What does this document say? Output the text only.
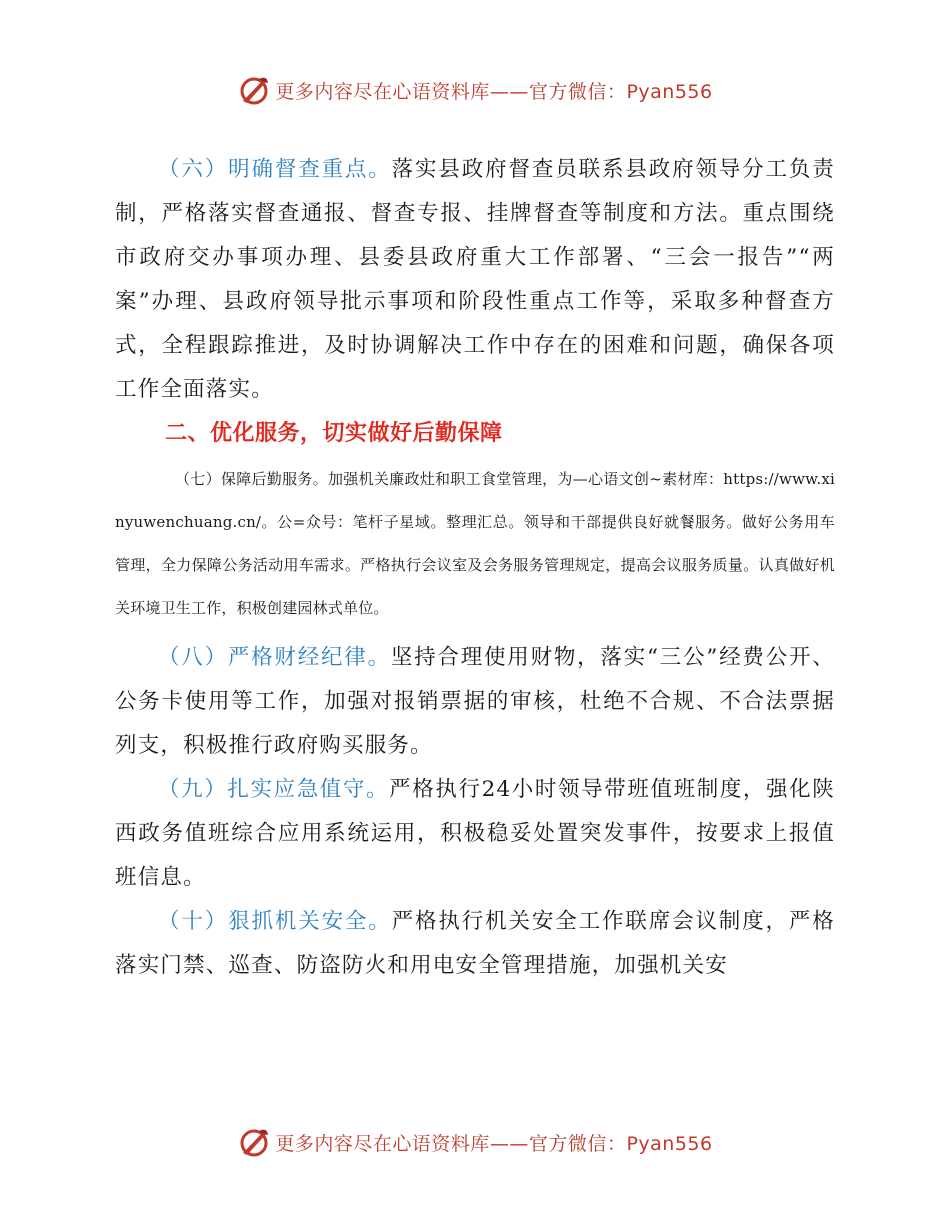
更多内容尽在心语资料库——官方微信：Pyan556

（六）明确督查重点。落实县政府督查员联系县政府领导分工负责制，严格落实督查通报、督查专报、挂牌督查等制度和方法。重点围绕市政府交办事项办理、县委县政府重大工作部署、“三会一报告”“两案”办理、县政府领导批示事项和阶段性重点工作等，采取多种督查方式，全程跟踪推进，及时协调解决工作中存在的困难和问题，确保各项工作全面落实。

二、优化服务，切实做好后勤保障

（七）保障后勤服务。加强机关廉政灶和职工食堂管理，为—心语文创~素材库：https://www.xinyuwenchuang.cn/。公=众号：笔杆子星域。整理汇总。领导和干部提供良好就餐服务。做好公务用车管理，全力保障公务活动用车需求。严格执行会议室及会务服务管理规定，提高会议服务质量。认真做好机关环境卫生工作，积极创建园林式单位。

（八）严格财经纪律。坚持合理使用财物，落实“三公”经费公开、公务卡使用等工作，加强对报销票据的审核，杜绝不合规、不合法票据列支，积极推行政府购买服务。

（九）扎实应急值守。严格执行24小时领导带班值班制度，强化陕西政务值班综合应用系统运用，积极稳妥处置突发事件，按要求上报值班信息。

（十）狠抓机关安全。严格执行机关安全工作联席会议制度，严格落实门禁、巡查、防盗防火和用电安全管理措施，加强机关安

更多内容尽在心语资料库——官方微信：Pyan556
